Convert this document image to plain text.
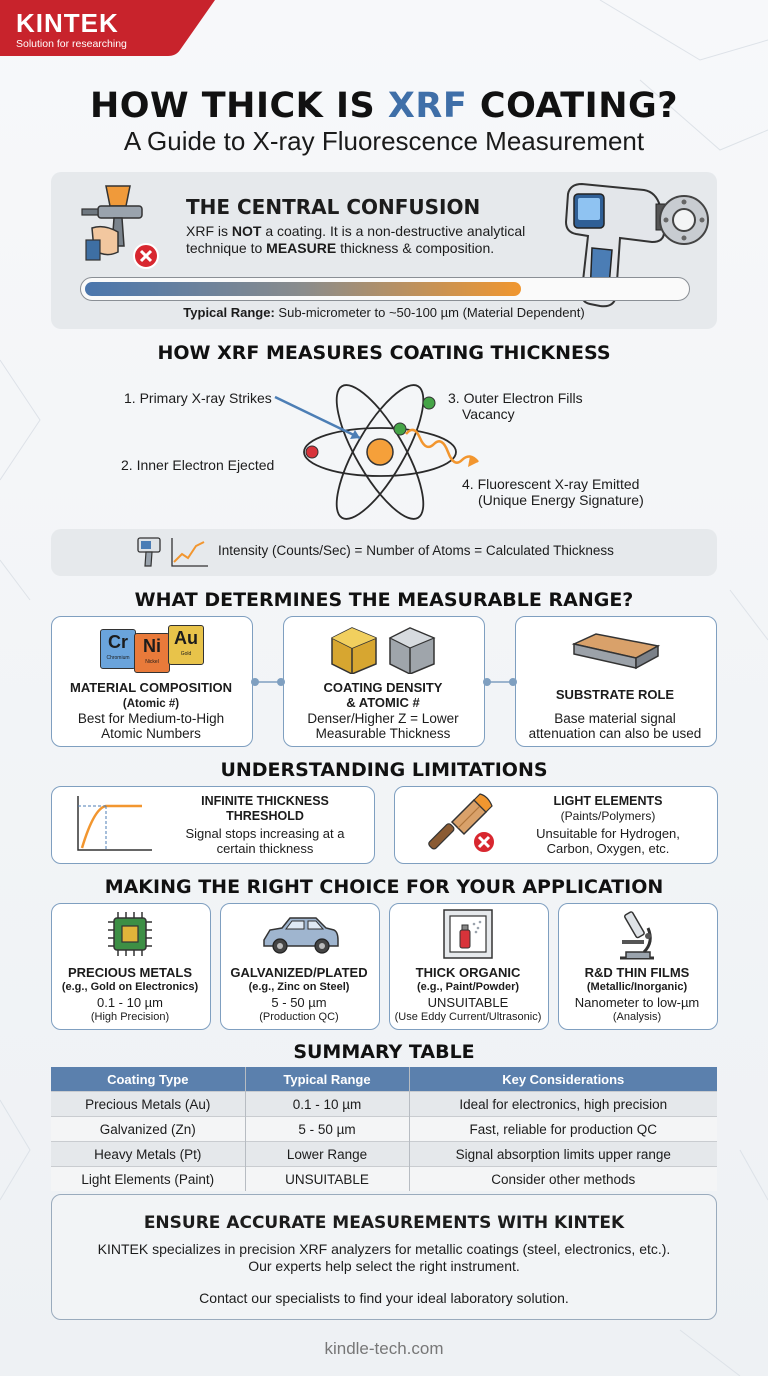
KINTEK
Solution for researching
HOW THICK IS XRF COATING?
A Guide to X-ray Fluorescence Measurement
THE CENTRAL CONFUSION
XRF is NOT a coating. It is a non-destructive analytical
technique to MEASURE thickness & composition.
Typical Range: Sub-micrometer to ~50-100 µm (Material Dependent)
HOW XRF MEASURES COATING THICKNESS
1. Primary X-ray Strikes
2. Inner Electron Ejected
3. Outer Electron Fills
Vacancy
4. Fluorescent X-ray Emitted
(Unique Energy Signature)
Intensity (Counts/Sec) = Number of Atoms = Calculated Thickness
WHAT DETERMINES THE MEASURABLE RANGE?
Cr
Chromium
Ni
Nickel
Au
Gold
MATERIAL COMPOSITION
(Atomic #)
Best for Medium-to-High
Atomic Numbers
COATING DENSITY
& ATOMIC #
Denser/Higher Z = Lower
Measurable Thickness
SUBSTRATE ROLE
Base material signal
attenuation can also be used
UNDERSTANDING LIMITATIONS
INFINITE THICKNESS
THRESHOLD
Signal stops increasing at a
certain thickness
LIGHT ELEMENTS
(Paints/Polymers)
Unsuitable for Hydrogen,
Carbon, Oxygen, etc.
MAKING THE RIGHT CHOICE FOR YOUR APPLICATION
PRECIOUS METALS
(e.g., Gold on Electronics)
0.1 - 10 µm
(High Precision)
GALVANIZED/PLATED
(e.g., Zinc on Steel)
5 - 50 µm
(Production QC)
THICK ORGANIC
(e.g., Paint/Powder)
UNSUITABLE
(Use Eddy Current/Ultrasonic)
R&D THIN FILMS
(Metallic/Inorganic)
Nanometer to low-µm
(Analysis)
SUMMARY TABLE
Coating Type	Typical Range	Key Considerations
Precious Metals (Au)	0.1 - 10 µm	Ideal for electronics, high precision
Galvanized (Zn)	5 - 50 µm	Fast, reliable for production QC
Heavy Metals (Pt)	Lower Range	Signal absorption limits upper range
Light Elements (Paint)	UNSUITABLE	Consider other methods
ENSURE ACCURATE MEASUREMENTS WITH KINTEK
KINTEK specializes in precision XRF analyzers for metallic coatings (steel, electronics, etc.).
Our experts help select the right instrument.
Contact our specialists to find your ideal laboratory solution.
kindle-tech.com
